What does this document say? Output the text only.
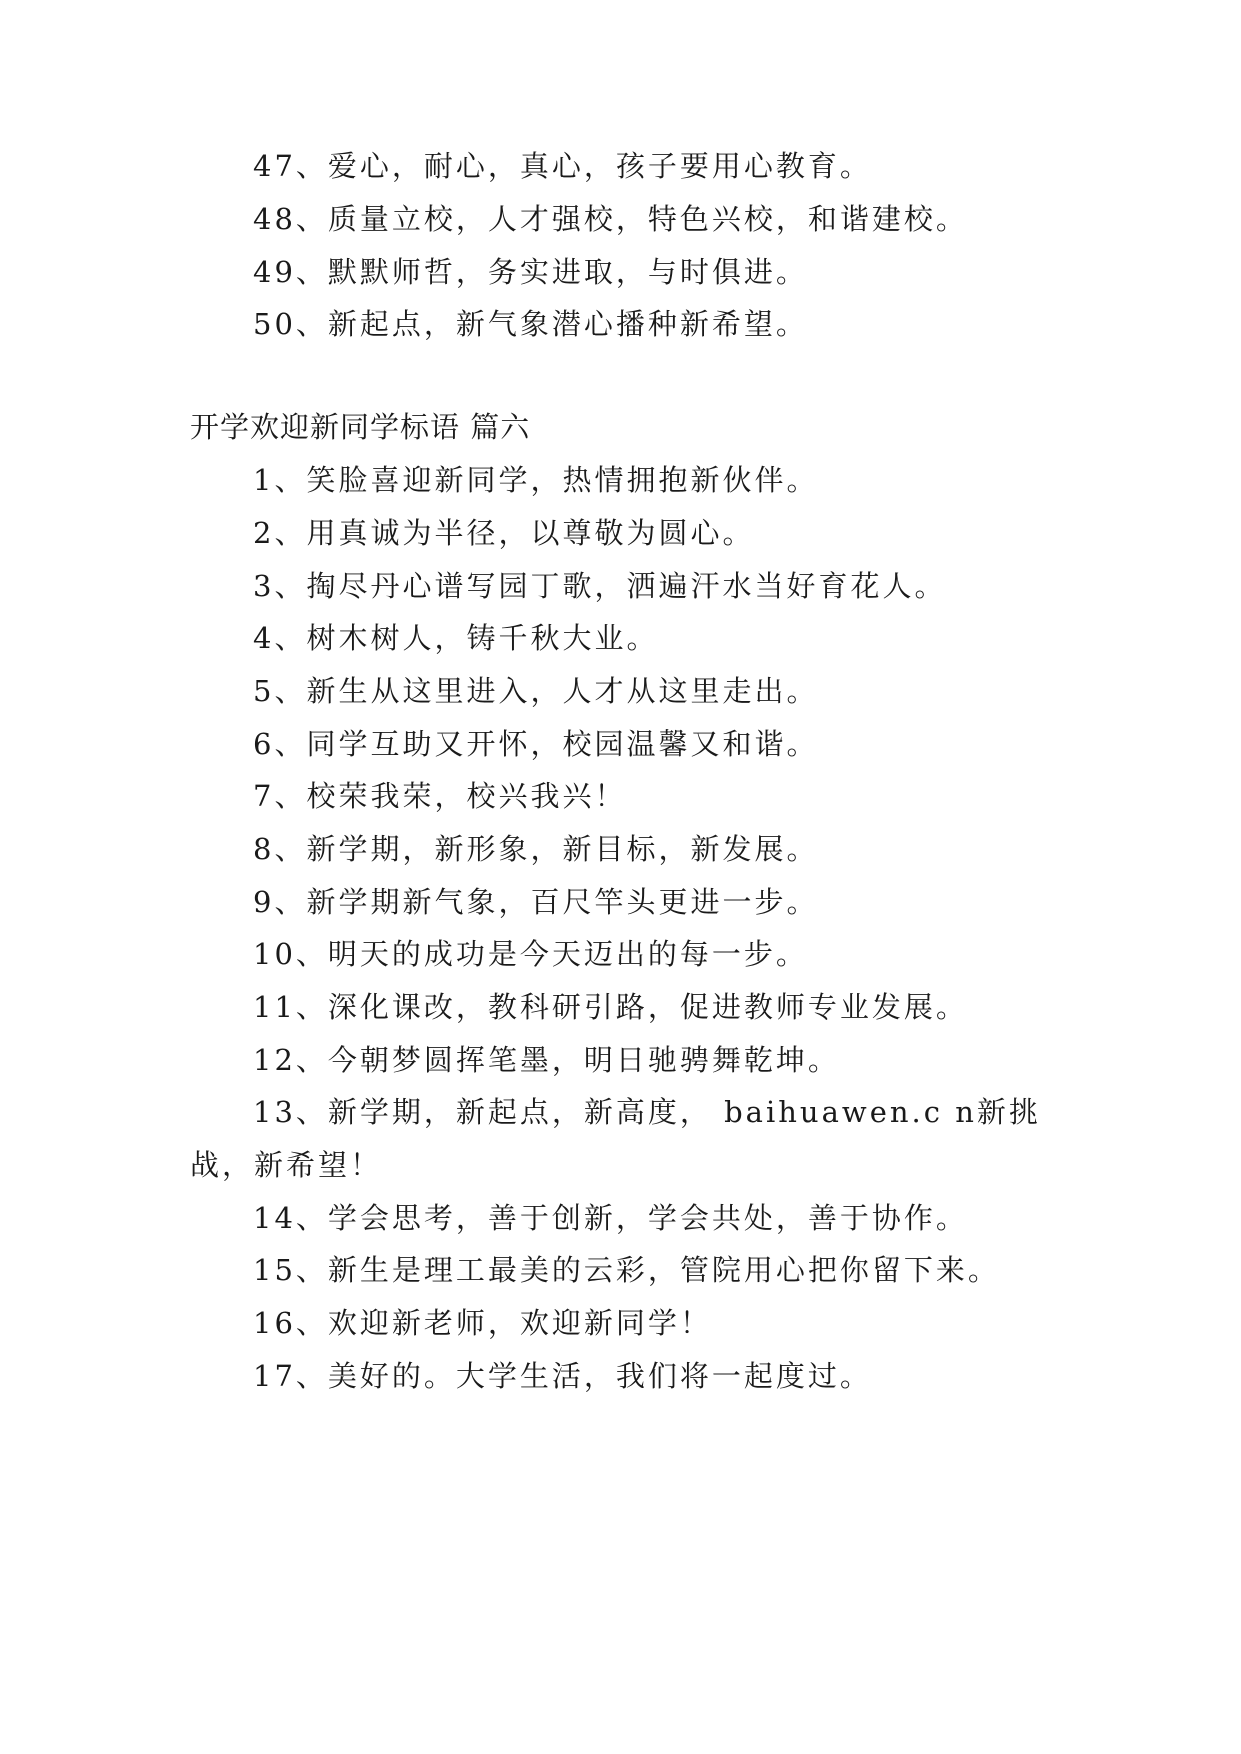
47、爱心，耐心，真心，孩子要用心教育。
48、质量立校，人才强校，特色兴校，和谐建校。
49、默默师哲，务实进取，与时俱进。
50、新起点，新气象潜心播种新希望。
开学欢迎新同学标语 篇六
1、笑脸喜迎新同学，热情拥抱新伙伴。
2、用真诚为半径，以尊敬为圆心。
3、掏尽丹心谱写园丁歌，洒遍汗水当好育花人。
4、树木树人，铸千秋大业。
5、新生从这里进入，人才从这里走出。
6、同学互助又开怀，校园温馨又和谐。
7、校荣我荣，校兴我兴！
8、新学期，新形象，新目标，新发展。
9、新学期新气象，百尺竿头更进一步。
10、明天的成功是今天迈出的每一步。
11、深化课改，教科研引路，促进教师专业发展。
12、今朝梦圆挥笔墨，明日驰骋舞乾坤。
13、新学期，新起点，新高度， baihuawen.c n新挑
战，新希望！
14、学会思考，善于创新，学会共处，善于协作。
15、新生是理工最美的云彩，管院用心把你留下来。
16、欢迎新老师，欢迎新同学！
17、美好的。大学生活，我们将一起度过。
